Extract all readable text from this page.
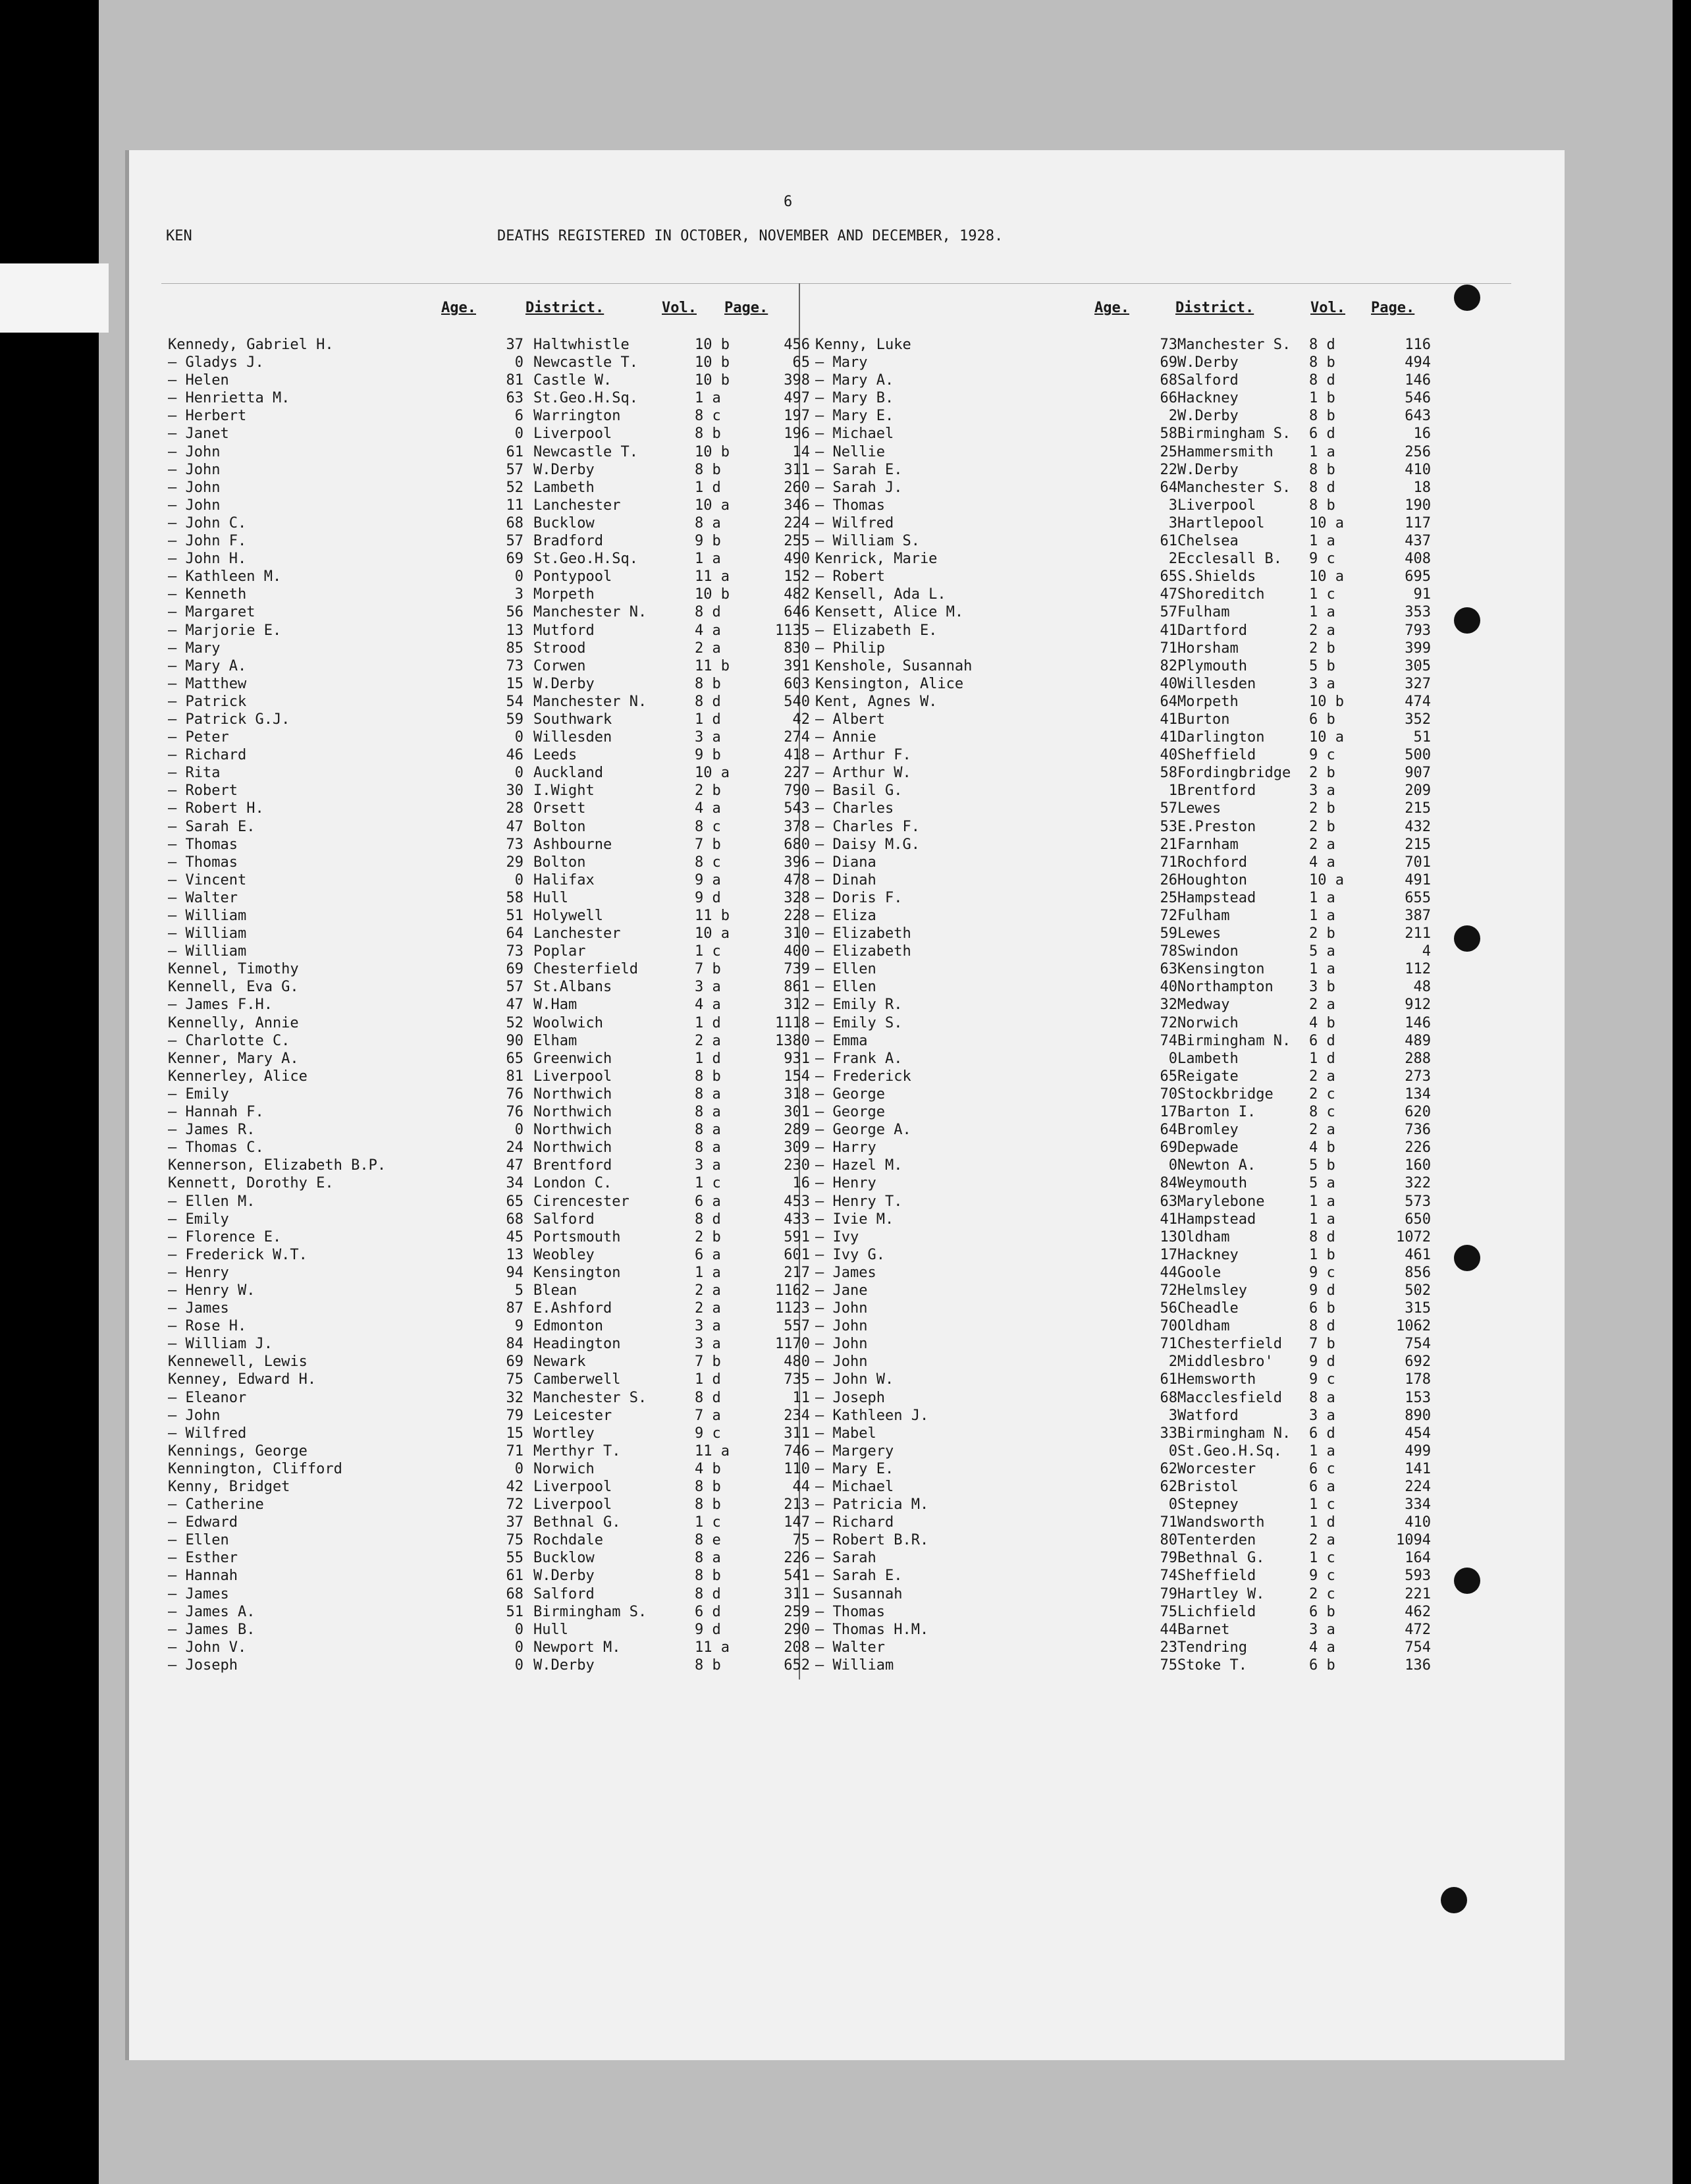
6
KEN	DEATHS REGISTERED IN OCTOBER, NOVEMBER AND DECEMBER, 1928.
Age.	District.	Vol. Page.	Age.	District.	Vol. Page.
Kennedy, Gabriel H.	37 Haltwhistle	10 b	456
— Gladys J.	0 Newcastle T.	10 b	65
— Helen	81 Castle W.	10 b	398
— Henrietta M.	63 St.Geo.H.Sq.	1 a	497
— Herbert	6 Warrington	8 c	197
— Janet	0 Liverpool	8 b	196
— John	61 Newcastle T.	10 b	14
— John	57 W.Derby	8 b	311
— John	52 Lambeth	1 d	260
— John	11 Lanchester	10 a	346
— John C.	68 Bucklow	8 a	224
— John F.	57 Bradford	9 b	255
— John H.	69 St.Geo.H.Sq.	1 a	490
— Kathleen M.	0 Pontypool	11 a	152
— Kenneth	3 Morpeth	10 b	482
— Margaret	56 Manchester N.	8 d	646
— Marjorie E.	13 Mutford	4 a	1135
— Mary	85 Strood	2 a	830
— Mary A.	73 Corwen	11 b	391
— Matthew	15 W.Derby	8 b	603
— Patrick	54 Manchester N.	8 d	540
— Patrick G.J.	59 Southwark	1 d	42
— Peter	0 Willesden	3 a	274
— Richard	46 Leeds	9 b	418
— Rita	0 Auckland	10 a	227
— Robert	30 I.Wight	2 b	790
— Robert H.	28 Orsett	4 a	543
— Sarah E.	47 Bolton	8 c	378
— Thomas	73 Ashbourne	7 b	680
— Thomas	29 Bolton	8 c	396
— Vincent	0 Halifax	9 a	478
— Walter	58 Hull	9 d	328
— William	51 Holywell	11 b	228
— William	64 Lanchester	10 a	310
— William	73 Poplar	1 c	400
Kennel, Timothy	69 Chesterfield	7 b	739
Kennell, Eva G.	57 St.Albans	3 a	861
— James F.H.	47 W.Ham	4 a	312
Kennelly, Annie	52 Woolwich	1 d	1118
— Charlotte C.	90 Elham	2 a	1380
Kenner, Mary A.	65 Greenwich	1 d	931
Kennerley, Alice	81 Liverpool	8 b	154
— Emily	76 Northwich	8 a	318
— Hannah F.	76 Northwich	8 a	301
— James R.	0 Northwich	8 a	289
— Thomas C.	24 Northwich	8 a	309
Kennerson, Elizabeth B.P.	47 Brentford	3 a	230
Kennett, Dorothy E.	34 London C.	1 c	16
— Ellen M.	65 Cirencester	6 a	453
— Emily	68 Salford	8 d	433
— Florence E.	45 Portsmouth	2 b	591
— Frederick W.T.	13 Weobley	6 a	601
— Henry	94 Kensington	1 a	217
— Henry W.	5 Blean	2 a	1162
— James	87 E.Ashford	2 a	1123
— Rose H.	9 Edmonton	3 a	557
— William J.	84 Headington	3 a	1170
Kennewell, Lewis	69 Newark	7 b	480
Kenney, Edward H.	75 Camberwell	1 d	735
— Eleanor	32 Manchester S.	8 d	11
— John	79 Leicester	7 a	234
— Wilfred	15 Wortley	9 c	311
Kennings, George	71 Merthyr T.	11 a	746
Kennington, Clifford	0 Norwich	4 b	110
Kenny, Bridget	42 Liverpool	8 b	44
— Catherine	72 Liverpool	8 b	213
— Edward	37 Bethnal G.	1 c	147
— Ellen	75 Rochdale	8 e	75
— Esther	55 Bucklow	8 a	226
— Hannah	61 W.Derby	8 b	541
— James	68 Salford	8 d	311
— James A.	51 Birmingham S.	6 d	259
— James B.	0 Hull	9 d	290
— John V.	0 Newport M.	11 a	208
— Joseph	0 W.Derby	8 b	652
Kenny, Luke	73 Manchester S. 8 d	116
— Mary	69 W.Derby	8 b	494
— Mary A.	68 Salford	8 d	146
— Mary B.	66 Hackney	1 b	546
— Mary E.	2 W.Derby	8 b	643
— Michael	58 Birmingham S. 6 d	16
— Nellie	25 Hammersmith 1 a	256
— Sarah E.	22 W.Derby	8 b	410
— Sarah J.	64 Manchester S. 8 d	18
— Thomas	3 Liverpool	8 b	190
— Wilfred	3 Hartlepool	10 a	117
— William S.	61 Chelsea	1 a	437
Kenrick, Marie	2 Ecclesall B. 9 c	408
— Robert	65 S.Shields	10 a	695
Kensell, Ada L.	47 Shoreditch	1 c	91
Kensett, Alice M.	57 Fulham	1 a	353
— Elizabeth E.	41 Dartford	2 a	793
— Philip	71 Horsham	2 b	399
Kenshole, Susannah	82 Plymouth	5 b	305
Kensington, Alice	40 Willesden	3 a	327
Kent, Agnes W.	64 Morpeth	10 b	474
— Albert	41 Burton	6 b	352
— Annie	41 Darlington	10 a	51
— Arthur F.	40 Sheffield	9 c	500
— Arthur W.	58 Fordingbridge 2 b	907
— Basil G.	1 Brentford	3 a	209
— Charles	57 Lewes	2 b	215
— Charles F.	53 E.Preston	2 b	432
— Daisy M.G.	21 Farnham	2 a	215
— Diana	71 Rochford	4 a	701
— Dinah	26 Houghton	10 a	491
— Doris F.	25 Hampstead	1 a	655
— Eliza	72 Fulham	1 a	387
— Elizabeth	59 Lewes	2 b	211
— Elizabeth	78 Swindon	5 a	4
— Ellen	63 Kensington	1 a	112
— Ellen	40 Northampton 3 b	48
— Emily R.	32 Medway	2 a	912
— Emily S.	72 Norwich	4 b	146
— Emma	74 Birmingham N. 6 d	489
— Frank A.	0 Lambeth	1 d	288
— Frederick	65 Reigate	2 a	273
— George	70 Stockbridge 2 c	134
— George	17 Barton I.	8 c	620
— George A.	64 Bromley	2 a	736
— Harry	69 Depwade	4 b	226
— Hazel M.	0 Newton A.	5 b	160
— Henry	84 Weymouth	5 a	322
— Henry T.	63 Marylebone	1 a	573
— Ivie M.	41 Hampstead	1 a	650
— Ivy	13 Oldham	8 d	1072
— Ivy G.	17 Hackney	1 b	461
— James	44 Goole	9 c	856
— Jane	72 Helmsley	9 d	502
— John	56 Cheadle	6 b	315
— John	70 Oldham	8 d	1062
— John	71 Chesterfield 7 b	754
— John	2 Middlesbro' 9 d	692
— John W.	61 Hemsworth	9 c	178
— Joseph	68 Macclesfield 8 a	153
— Kathleen J.	3 Watford	3 a	890
— Mabel	33 Birmingham N. 6 d	454
— Margery	0 St.Geo.H.Sq. 1 a	499
— Mary E.	62 Worcester	6 c	141
— Michael	62 Bristol	6 a	224
— Patricia M.	0 Stepney	1 c	334
— Richard	71 Wandsworth	1 d	410
— Robert B.R.	80 Tenterden	2 a	1094
— Sarah	79 Bethnal G.	1 c	164
— Sarah E.	74 Sheffield	9 c	593
— Susannah	79 Hartley W.	2 c	221
— Thomas	75 Lichfield	6 b	462
— Thomas H.M.	44 Barnet	3 a	472
— Walter	23 Tendring	4 a	754
— William	75 Stoke T.	6 b	136
